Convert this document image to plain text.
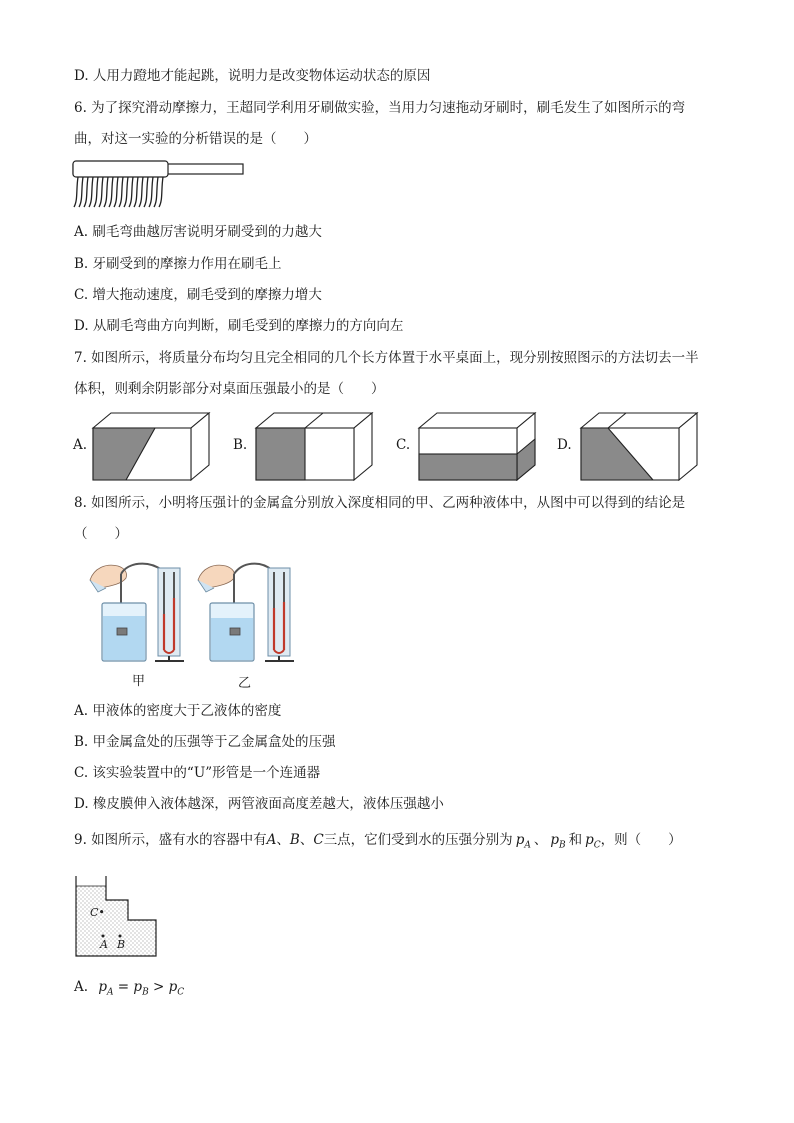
D. 人用力蹬地才能起跳，说明力是改变物体运动状态的原因
6. 为了探究滑动摩擦力，王超同学利用牙刷做实验，当用力匀速拖动牙刷时，刷毛发生了如图所示的弯
曲，对这一实验的分析错误的是（　　）
A. 刷毛弯曲越厉害说明牙刷受到的力越大
B. 牙刷受到的摩擦力作用在刷毛上
C. 增大拖动速度，刷毛受到的摩擦力增大
D. 从刷毛弯曲方向判断，刷毛受到的摩擦力的方向向左
7. 如图所示，将质量分布均匀且完全相同的几个长方体置于水平桌面上，现分别按照图示的方法切去一半
体积，则剩余阴影部分对桌面压强最小的是（　　）
A.	B.	C.	D.
8. 如图所示，小明将压强计的金属盒分别放入深度相同的甲、乙两种液体中，从图中可以得到的结论是
（　　）
甲	乙
A. 甲液体的密度大于乙液体的密度
B. 甲金属盒处的压强等于乙金属盒处的压强
C. 该实验装置中的“U”形管是一个连通器
D. 橡皮膜伸入液体越深，两管液面高度差越大，液体压强越小
9. 如图所示，盛有水的容器中有A、B、C三点，它们受到水的压强分别为 $p_A$ 、 $p_B$ 和 $p_C$，则（　　）
C•
A B
A. $p_A = p_B > p_C$
